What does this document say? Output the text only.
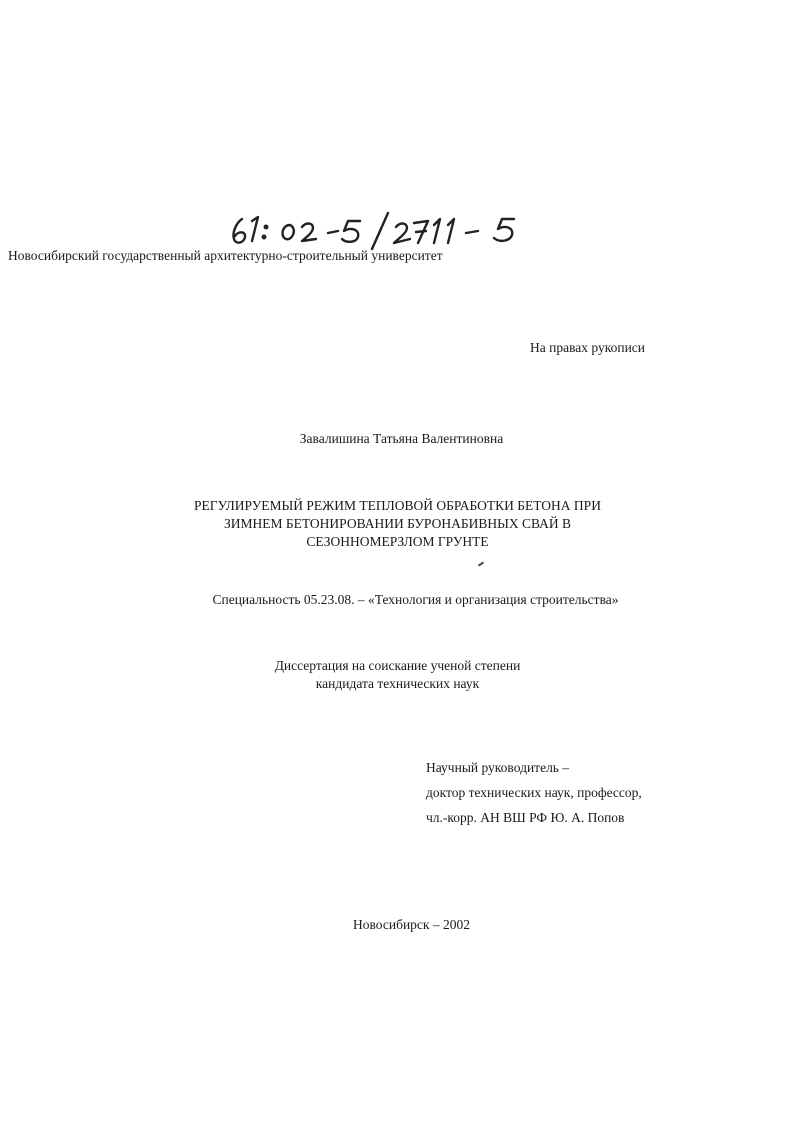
Новосибирский государственный архитектурно-строительный университет
На правах рукописи
Завалишина Татьяна Валентиновна
РЕГУЛИРУЕМЫЙ РЕЖИМ ТЕПЛОВОЙ ОБРАБОТКИ БЕТОНА ПРИ
ЗИМНЕМ БЕТОНИРОВАНИИ БУРОНАБИВНЫХ СВАЙ В
СЕЗОННОМЕРЗЛОМ ГРУНТЕ
Специальность 05.23.08. – «Технология и организация строительства»
Диссертация на соискание ученой степени
кандидата технических наук
Научный руководитель –
доктор технических наук, профессор,
чл.-корр. АН ВШ РФ Ю. А. Попов
Новосибирск – 2002
